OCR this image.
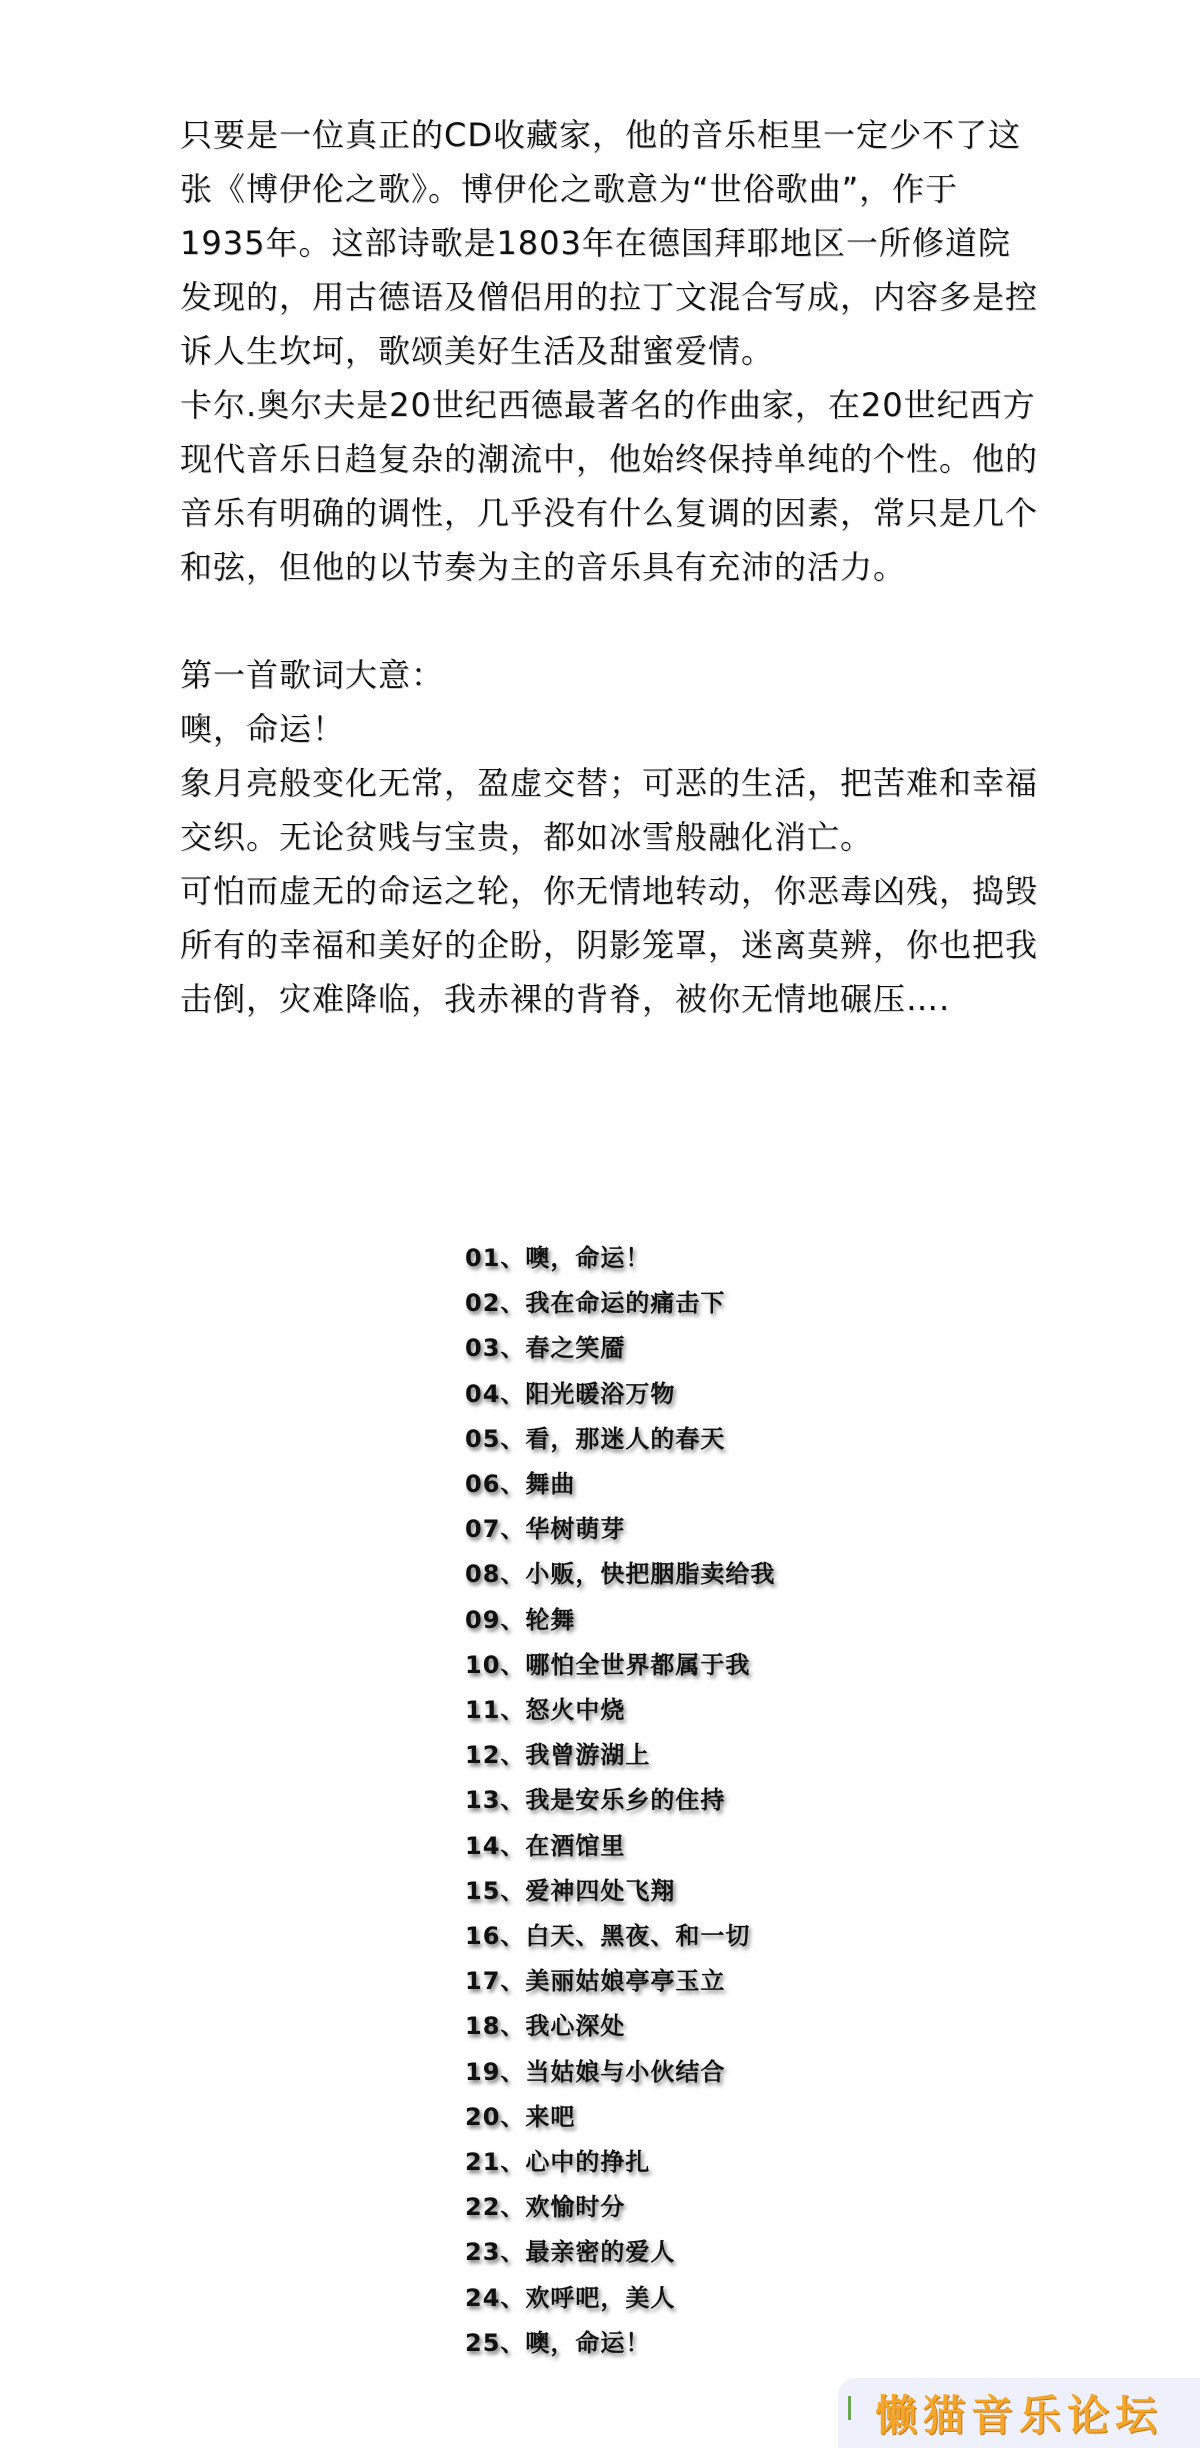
只要是一位真正的CD收藏家，他的音乐柜里一定少不了这张《博伊伦之歌》。博伊伦之歌意为“世俗歌曲”，作于1935年。这部诗歌是1803年在德国拜耶地区一所修道院发现的，用古德语及僧侣用的拉丁文混合写成，内容多是控诉人生坎坷，歌颂美好生活及甜蜜爱情。

卡尔.奥尔夫是20世纪西德最著名的作曲家，在20世纪西方现代音乐日趋复杂的潮流中，他始终保持单纯的个性。他的音乐有明确的调性，几乎没有什么复调的因素，常只是几个和弦，但他的以节奏为主的音乐具有充沛的活力。

第一首歌词大意：

噢，命运！

象月亮般变化无常，盈虚交替；可恶的生活，把苦难和幸福交织。无论贫贱与宝贵，都如冰雪般融化消亡。

可怕而虚无的命运之轮，你无情地转动，你恶毒凶残，捣毁所有的幸福和美好的企盼，阴影笼罩，迷离莫辨，你也把我击倒，灾难降临，我赤裸的背脊，被你无情地碾压….

01、噢，命运！
02、我在命运的痛击下
03、春之笑靥
04、阳光暖浴万物
05、看，那迷人的春天
06、舞曲
07、华树萌芽
08、小贩，快把胭脂卖给我
09、轮舞
10、哪怕全世界都属于我
11、怒火中烧
12、我曾游湖上
13、我是安乐乡的住持
14、在酒馆里
15、爱神四处飞翔
16、白天、黑夜、和一切
17、美丽姑娘亭亭玉立
18、我心深处
19、当姑娘与小伙结合
20、来吧
21、心中的挣扎
22、欢愉时分
23、最亲密的爱人
24、欢呼吧，美人
25、噢，命运！
懒猫音乐论坛
